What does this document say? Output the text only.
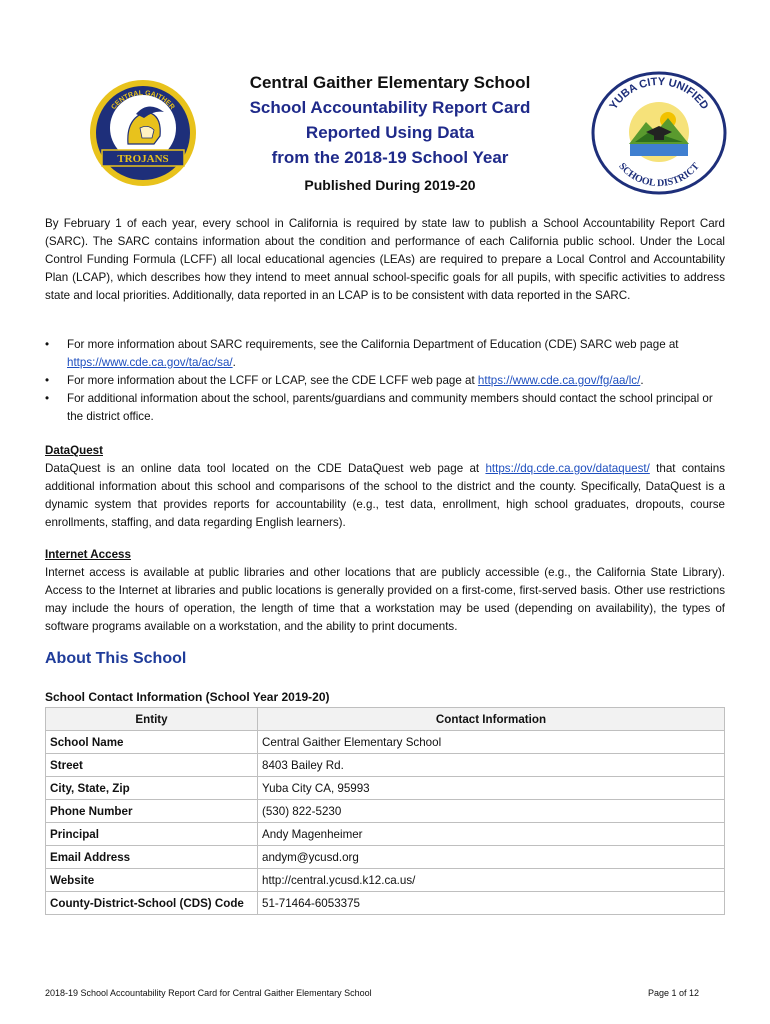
CENTRAL GAITHER
TROJANS
Central Gaither Elementary School
School Accountability Report Card
Reported Using Data
from the 2018-19 School Year
Published During 2019-20
YUBA CITY UNIFIED
SCHOOL DISTRICT
By February 1 of each year, every school in California is required by state law to publish a School Accountability Report Card (SARC). The SARC contains information about the condition and performance of each California public school. Under the Local Control Funding Formula (LCFF) all local educational agencies (LEAs) are required to prepare a Local Control and Accountability Plan (LCAP), which describes how they intend to meet annual school-specific goals for all pupils, with specific activities to address state and local priorities. Additionally, data reported in an LCAP is to be consistent with data reported in the SARC.
•	For more information about SARC requirements, see the California Department of Education (CDE) SARC web page at https://www.cde.ca.gov/ta/ac/sa/.
•	For more information about the LCFF or LCAP, see the CDE LCFF web page at https://www.cde.ca.gov/fg/aa/lc/.
•	For additional information about the school, parents/guardians and community members should contact the school principal or the district office.
DataQuest
DataQuest is an online data tool located on the CDE DataQuest web page at https://dq.cde.ca.gov/dataquest/ that contains additional information about this school and comparisons of the school to the district and the county. Specifically, DataQuest is a dynamic system that provides reports for accountability (e.g., test data, enrollment, high school graduates, dropouts, course enrollments, staffing, and data regarding English learners).
Internet Access
Internet access is available at public libraries and other locations that are publicly accessible (e.g., the California State Library). Access to the Internet at libraries and public locations is generally provided on a first-come, first-served basis. Other use restrictions may include the hours of operation, the length of time that a workstation may be used (depending on availability), the types of software programs available on a workstation, and the ability to print documents.
About This School
School Contact Information (School Year 2019-20)
Entity	Contact Information
School Name	Central Gaither Elementary School
Street	8403 Bailey Rd.
City, State, Zip	Yuba City CA, 95993
Phone Number	(530) 822-5230
Principal	Andy Magenheimer
Email Address	andym@ycusd.org
Website	http://central.ycusd.k12.ca.us/
County-District-School (CDS) Code	51-71464-6053375
2018-19 School Accountability Report Card for Central Gaither Elementary School	Page 1 of 12
